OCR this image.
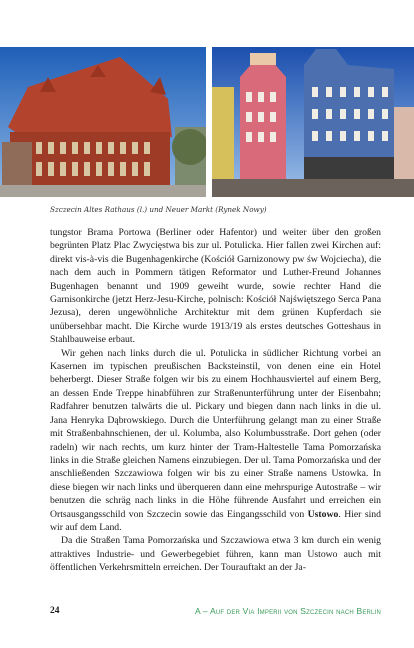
Szczecin Altes Rathaus (l.) und Neuer Markt (Rynek Nowy)

tungstor Brama Portowa (Berliner oder Hafentor) und weiter über den großen begrünten Platz Plac Zwycięstwa bis zur ul. Potulicka. Hier fallen zwei Kirchen auf: direkt vis-à-vis die Bugenhagenkirche (Kościół Garnizonowy pw św Wojciecha), die nach dem auch in Pommern tätigen Reformator und Luther-Freund Johannes Bugenhagen benannt und 1909 geweiht wurde, sowie rechter Hand die Garnisonkirche (jetzt Herz-Jesu-Kirche, polnisch: Kościół Najświętszego Serca Pana Jezusa), deren ungewöhnliche Architektur mit dem grünen Kupferdach sie unübersehbar macht. Die Kirche wurde 1913/19 als erstes deutsches Gotteshaus in Stahlbauweise erbaut.

Wir gehen nach links durch die ul. Potulicka in südlicher Richtung vorbei an Kasernen im typischen preußischen Backsteinstil, von denen eine ein Hotel beherbergt. Dieser Straße folgen wir bis zu einem Hochhausviertel auf einem Berg, an dessen Ende Treppe hinabführen zur Straßenunterführung unter der Eisenbahn; Radfahrer benutzen talwärts die ul. Pickary und biegen dann nach links in die ul. Jana Henryka Dąbrowskiego. Durch die Unterführung gelangt man zu einer Straße mit Straßenbahnschienen, der ul. Kolumba, also Kolumbusstraße. Dort gehen (oder radeln) wir nach rechts, um kurz hinter der Tram-Haltestelle Tama Pomorzańska links in die Straße gleichen Namens einzubiegen. Der ul. Tama Pomorzańska und der anschließenden Szczawiowa folgen wir bis zu einer Straße namens Ustowka. In diese biegen wir nach links und überqueren dann eine mehrspurige Autostraße – wir benutzen die schräg nach links in die Höhe führende Ausfahrt und erreichen ein Ortsausgangsschild von Szczecin sowie das Eingangsschild von Ustowo. Hier sind wir auf dem Land.

Da die Straßen Tama Pomorzańska und Szczawiowa etwa 3 km durch ein wenig attraktives Industrie- und Gewerbegebiet führen, kann man Ustowo auch mit öffentlichen Verkehrsmitteln erreichen. Der Tourauftakt an der Ja-

24	A – Auf der Via Imperii von Szczecin nach Berlin
